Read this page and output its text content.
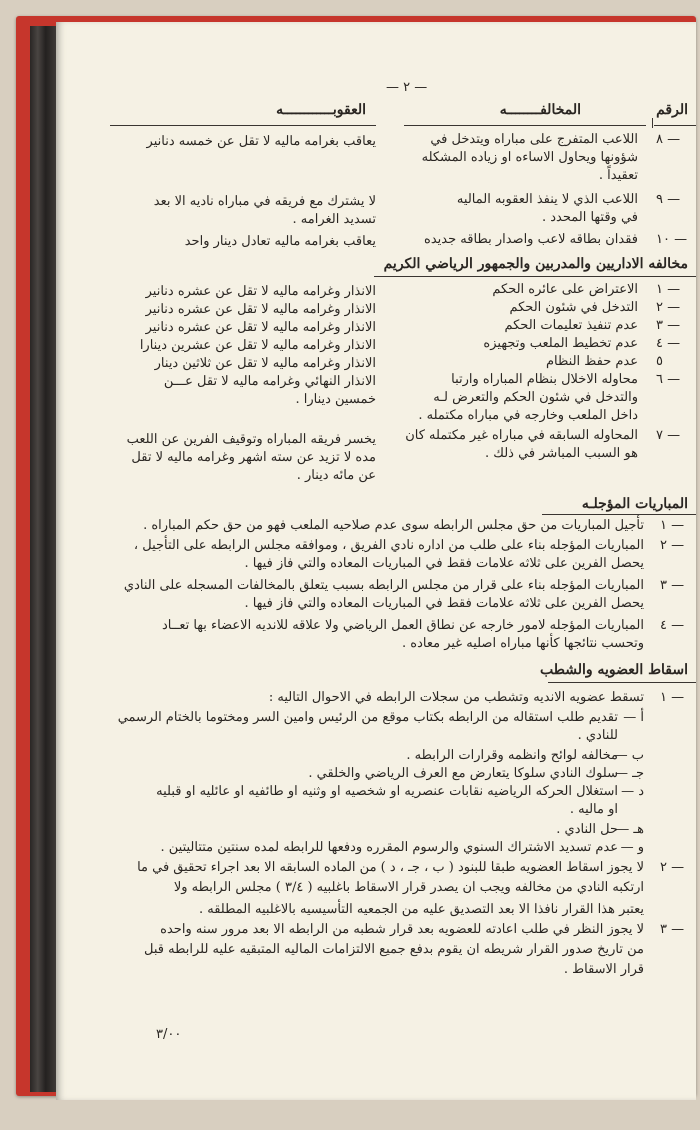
— ٢ —
الرقم
المخالفــــــــه
العقوبــــــــــــه
٨ —
اللاعب المتفرج على مباراه ويتدخل في
شؤونها ويحاول الاساءه او زياده المشكله
تعقيداً .
٩ —
اللاعب الذي لا ينفذ العقوبه الماليه
في وقتها المحدد .
١٠ —
فقدان بطاقه لاعب واصدار بطاقه جديده
يعاقب بغرامه ماليه لا تقل عن خمسه دنانير
لا يشترك مع فريقه في مباراه ناديه الا بعد
تسديد الغرامه .
يعاقب بغرامه ماليه تعادل دينار واحد
مخالفه الاداريين والمدربين والجمهور الرياضي الكريم
١ —
الاعتراض على عائره الحكم
٢ —
التدخل في شئون الحكم
٣ —
عدم تنفيذ تعليمات الحكم
٤ —
عدم تخطيط الملعب وتجهيزه
٥
عدم حفظ النظام
٦ —
محاوله الاخلال بنظام المباراه وارتبا
والتدخل في شئون الحكم والتعرض لـه
داخل الملعب وخارجه في مباراه مكتمله .
٧ —
المحاوله السابقه في مباراه غير مكتمله كان
هو السبب المباشر في ذلك .
الانذار وغرامه ماليه لا تقل عن عشره دنانير
الانذار وغرامه ماليه لا تقل عن عشره دنانير
الانذار وغرامه ماليه لا تقل عن عشره دنانير
الانذار وغرامه ماليه لا تقل عن عشرين دينارا
الانذار وغرامه ماليه لا تقل عن ثلاثين دينار
الانذار النهائي وغرامه ماليه لا تقل عـــن
خمسين دينارا .
يخسر فريقه المباراه وتوقيف الفرين عن اللعب
مده لا تزيد عن سته اشهر وغرامه ماليه لا تقل
عن مائه دينار .
المباريات المؤجلـه
١ —
تأجيل المباريات من حق مجلس الرابطه سوى عدم صلاحيه الملعب فهو من حق حكم المباراه .
٢ —
المباريات المؤجله بناء على طلب من اداره نادي الفريق ، وموافقه مجلس الرابطه على التأجيل ،
يحصل الفرين على ثلاثه علامات فقط في المباريات المعاده والتي فاز فيها .
٣ —
المباريات المؤجله بناء على قرار من مجلس الرابطه بسبب يتعلق بالمخالفات المسجله على النادي
يحصل الفرين على ثلاثه علامات فقط في المباريات المعاده والتي فاز فيها .
٤ —
المباريات المؤجله لامور خارجه عن نطاق العمل الرياضي ولا علاقه للانديه الاعضاء بها تعــاد
وتحسب نتائجها كأنها مباراه اصليه غير معاده .
اسقاط العضويه والشطب
١ —
تسقط عضويه الانديه وتشطب من سجلات الرابطه في الاحوال التاليه :
أ —
تقديم طلب استقاله من الرابطه بكتاب موقع من الرئيس وامين السر ومختوما بالختام الرسمي
للنادي .
ب —
مخالفه لوائح وانظمه وقرارات الرابطه .
جـ —
سلوك النادي سلوكا يتعارض مع العرف الرياضي والخلقي .
د —
استغلال الحركه الرياضيه نقابات عنصريه او شخصيه او وثنيه او طائفيه او عائليه او قبليه
او ماليه .
هـ —
حل النادي .
و —
عدم تسديد الاشتراك السنوي والرسوم المقرره ودفعها للرابطه لمده سنتين متتاليتين .
٢ —
لا يجوز اسقاط العضويه طبقا للبنود ( ب ، جـ ، د ) من الماده السابقه الا بعد اجراء تحقيق في ما
ارتكبه النادي من مخالفه ويجب ان يصدر قرار الاسقاط باغلبيه ( ٣/٤ ) مجلس الرابطه ولا
يعتبر هذا القرار نافذا الا بعد التصديق عليه من الجمعيه التأسيسيه بالاغلبيه المطلقه .
٣ —
لا يجوز النظر في طلب اعادته للعضويه بعد قرار شطبه من الرابطه الا بعد مرور سنه واحده
من تاريخ صدور القرار شريطه ان يقوم بدفع جميع الالتزامات الماليه المتبقيه عليه للرابطه قبل
قرار الاسقاط .
٣/٠٠
